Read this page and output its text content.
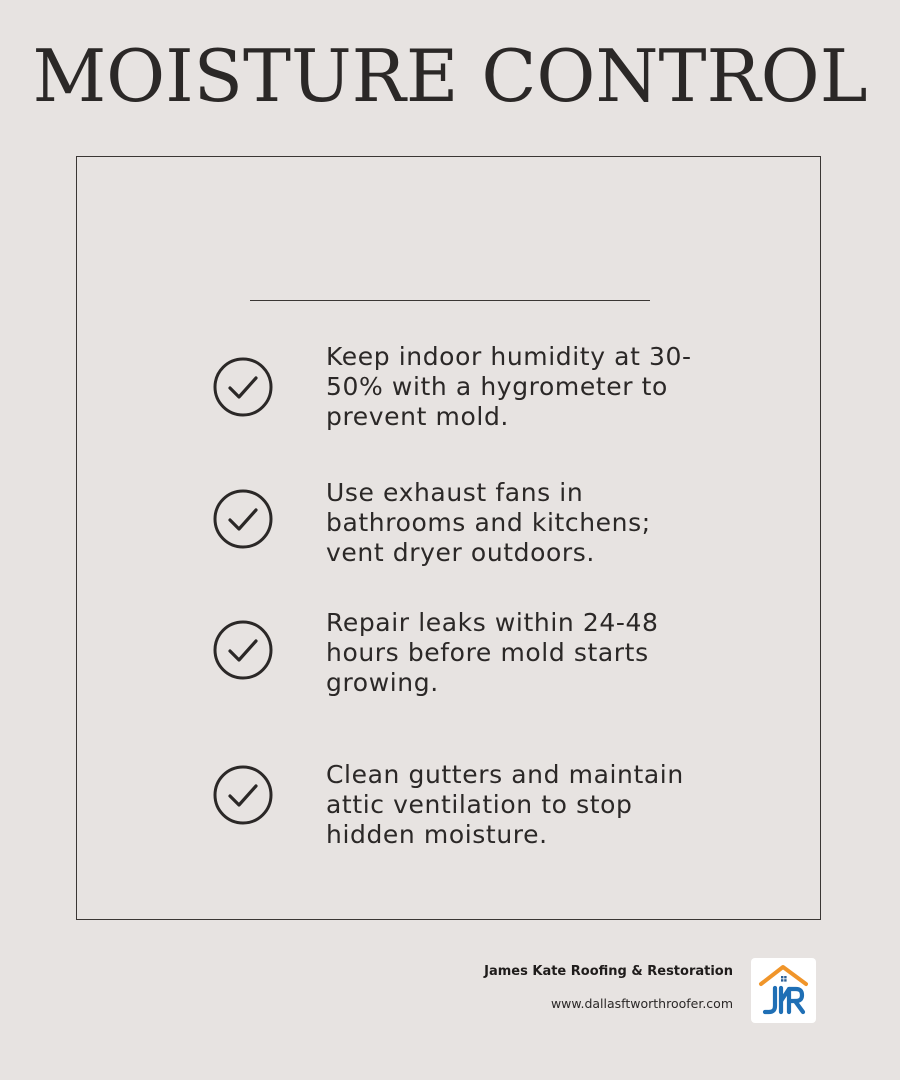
MOISTURE CONTROL
Keep indoor humidity at 30-
50% with a hygrometer to
prevent mold.
Use exhaust fans in
bathrooms and kitchens;
vent dryer outdoors.
Repair leaks within 24-48
hours before mold starts
growing.
Clean gutters and maintain
attic ventilation to stop
hidden moisture.
James Kate Roofing & Restoration
www.dallasftworthroofer.com
